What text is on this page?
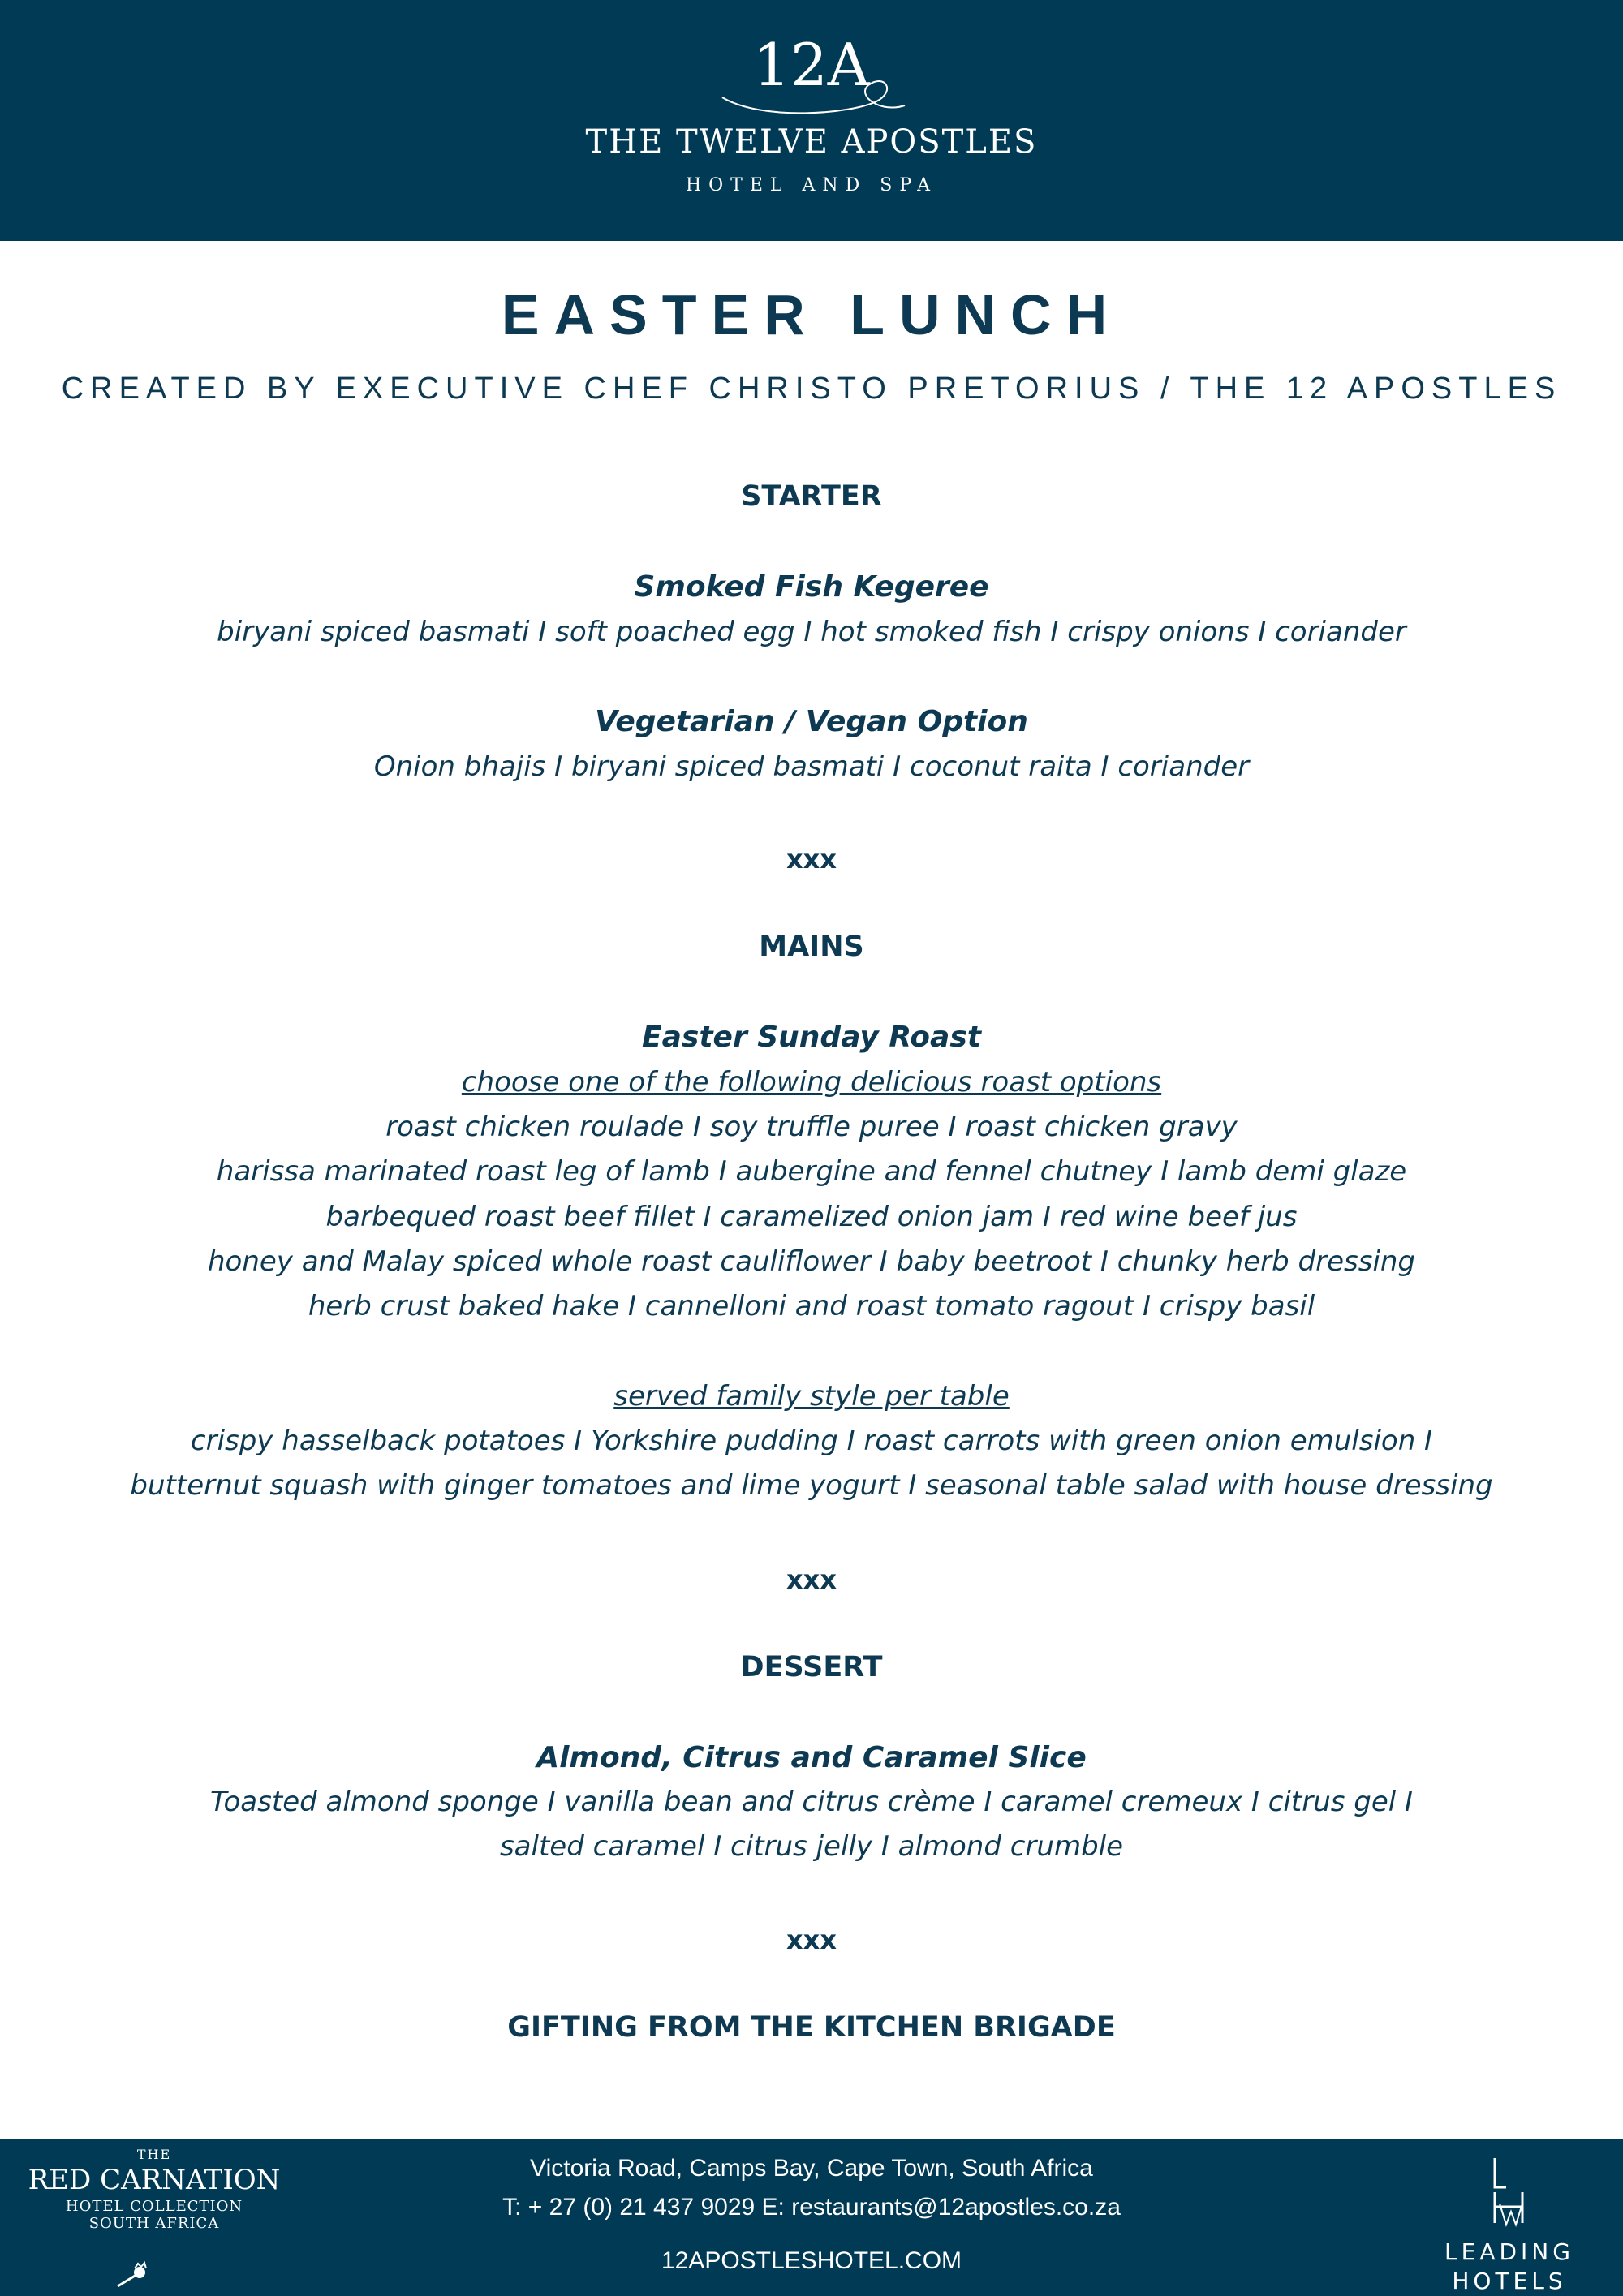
12A
THE TWELVE APOSTLES
HOTEL AND SPA
EASTER LUNCH
CREATED BY EXECUTIVE CHEF CHRISTO PRETORIUS / THE 12 APOSTLES
STARTER
Smoked Fish Kegeree
biryani spiced basmati I soft poached egg I hot smoked fish I crispy onions I coriander
Vegetarian / Vegan Option
Onion bhajis I biryani spiced basmati I coconut raita I coriander
xxx
MAINS
Easter Sunday Roast
choose one of the following delicious roast options
roast chicken roulade I soy truffle puree I roast chicken gravy
harissa marinated roast leg of lamb I aubergine and fennel chutney I lamb demi glaze
barbequed roast beef fillet I caramelized onion jam I red wine beef jus
honey and Malay spiced whole roast cauliflower I baby beetroot I chunky herb dressing
herb crust baked hake I cannelloni and roast tomato ragout I crispy basil
served family style per table
crispy hasselback potatoes I Yorkshire pudding I roast carrots with green onion emulsion I
butternut squash with ginger tomatoes and lime yogurt I seasonal table salad with house dressing
xxx
DESSERT
Almond, Citrus and Caramel Slice
Toasted almond sponge I vanilla bean and citrus crème I caramel cremeux I citrus gel I
salted caramel I citrus jelly I almond crumble
xxx
GIFTING FROM THE KITCHEN BRIGADE
THE
RED CARNATION
HOTEL COLLECTION
SOUTH AFRICA
Victoria Road, Camps Bay, Cape Town, South Africa
T: + 27 (0) 21 437 9029 E: restaurants@12apostles.co.za
12APOSTLESHOTEL.COM	LEADING
HOTELS
